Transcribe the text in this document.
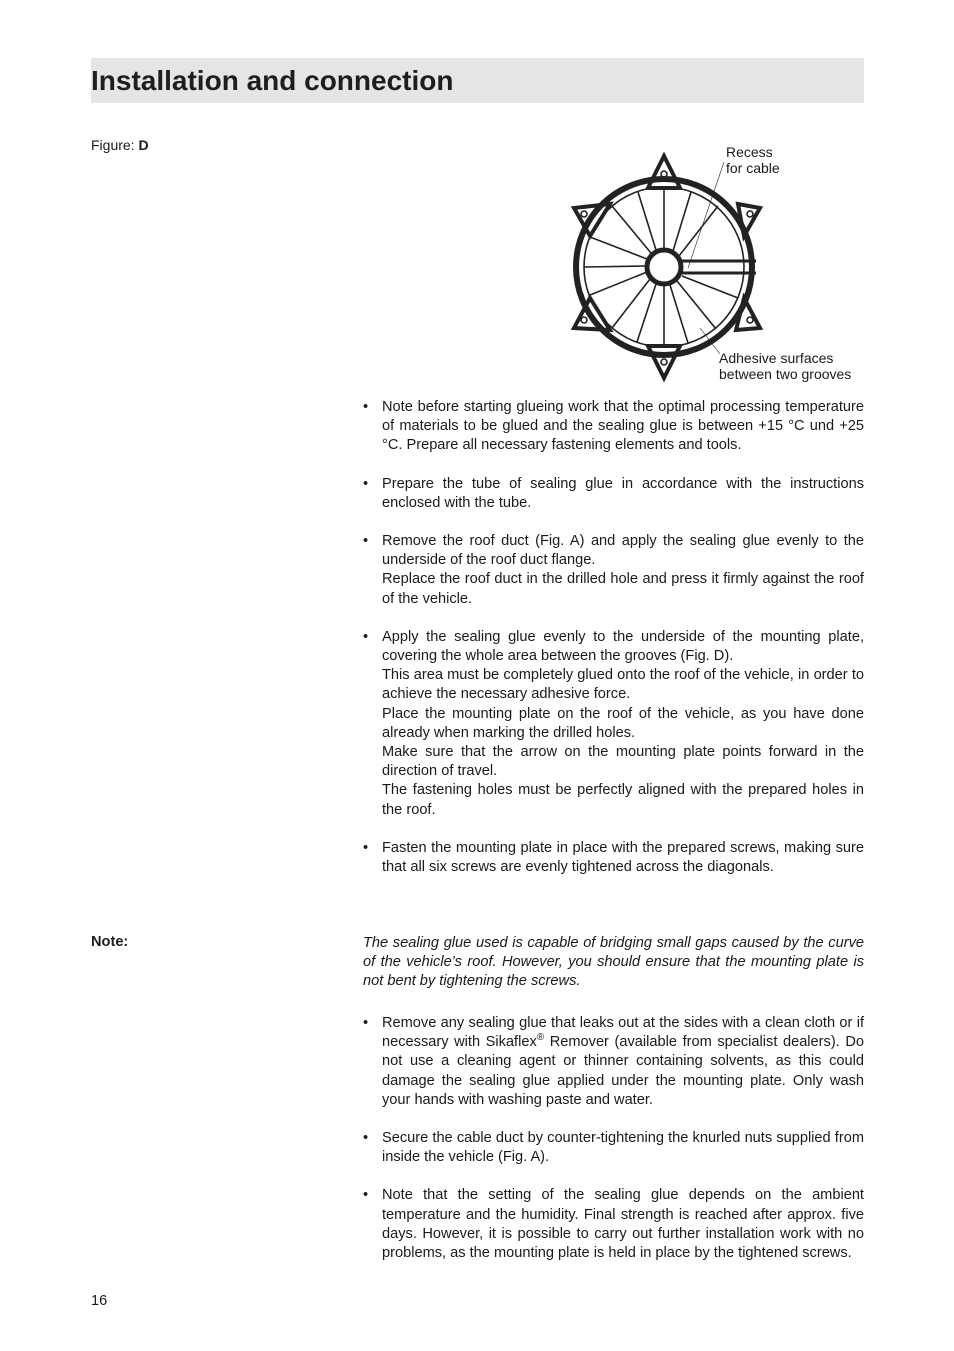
Installation and connection
Figure: D	Recess
for cable
Adhesive surfaces
between two grooves

• Note before starting glueing work that the optimal processing temperature of materials to be glued and the sealing glue is between +15 °C und +25 °C. Prepare all necessary fastening elements and tools.

• Prepare the tube of sealing glue in accordance with the instructions enclosed with the tube.

• Remove the roof duct (Fig. A) and apply the sealing glue evenly to the underside of the roof duct flange.

Replace the roof duct in the drilled hole and press it firmly against the roof of the vehicle.

• Apply the sealing glue evenly to the underside of the mounting plate, covering the whole area between the grooves (Fig. D).

This area must be completely glued onto the roof of the vehicle, in order to achieve the necessary adhesive force.

Place the mounting plate on the roof of the vehicle, as you have done already when marking the drilled holes.

Make sure that the arrow on the mounting plate points forward in the direction of travel.

The fastening holes must be perfectly aligned with the prepared holes in the roof.

• Fasten the mounting plate in place with the prepared screws, making sure that all six screws are evenly tightened across the diagonals.

Note:	The sealing glue used is capable of bridging small gaps caused by the curve of the vehicle’s roof. However, you should ensure that the mounting plate is not bent by tightening the screws.

• Remove any sealing glue that leaks out at the sides with a clean cloth or if necessary with Sikaflex® Remover (available from specialist dealers). Do not use a cleaning agent or thinner containing solvents, as this could damage the sealing glue applied under the mounting plate. Only wash your hands with washing paste and water.

• Secure the cable duct by counter-tightening the knurled nuts supplied from inside the vehicle (Fig. A).

• Note that the setting of the sealing glue depends on the ambient temperature and the humidity. Final strength is reached after approx. five days. However, it is possible to carry out further installation work with no problems, as the mounting plate is held in place by the tightened screws.

16
